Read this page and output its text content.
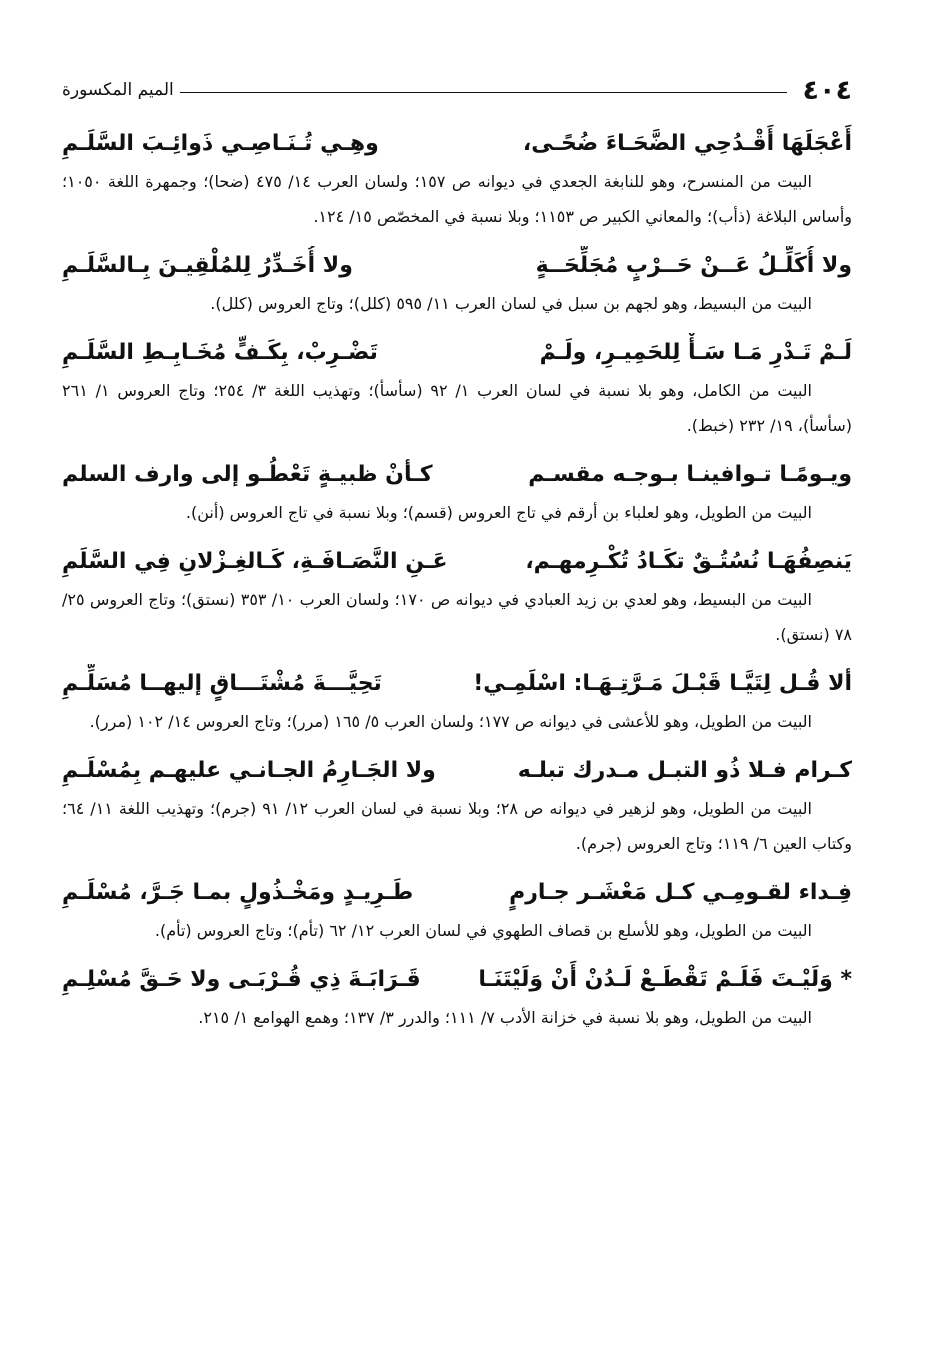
٤٠٤
الميم المكسورة
أَعْجَلَهَا أَقْـدُحِي الضَّحَـاءَ ضُحًـى،
وهِـي تُـنَـاصِـي ذَوائِـبَ السَّلَـمِ

البيت من المنسرح، وهو للنابغة الجعدي في ديوانه ص ١٥٧؛ ولسان العرب ١٤/ ٤٧٥ (ضحا)؛ وجمهرة اللغة ١٠٥٠؛ وأساس البلاغة (ذأب)؛ والمعاني الكبير ص ١١٥٣؛ وبلا نسبة في المخصّص ١٥/ ١٢٤.

ولا أُكَلِّـلُ عَــنْ حَــرْبٍ مُجَلِّحَــةٍ
ولا أُخَـدِّرُ لِلمُلْقِيـنَ بِـالسَّلَـمِ

البيت من البسيط، وهو لجهم بن سبل في لسان العرب ١١/ ٥٩٥ (كلل)؛ وتاج العروس (كلل).

لَـمْ تَـدْرِ مَـا سَـأْ لِلحَمِيـرِ، ولَـمْ
تَضْـرِبْ، بِكَـفٍّ مُخَـابِـطِ السَّلَـمِ

البيت من الكامل، وهو بلا نسبة في لسان العرب ١/ ٩٢ (سأسأ)؛ وتهذيب اللغة ٣/ ٢٥٤؛ وتاج العروس ١/ ٢٦١ (سأسأ)، ١٩/ ٢٣٢ (خبط).

ويـومًـا تـوافينـا بـوجـه مقسـم
كـأنْ ظبيـةٍ تَعْطُـو إلى وارف السلم

البيت من الطويل، وهو لعلباء بن أرقم في تاج العروس (قسم)؛ وبلا نسبة في تاج العروس (أنن).

يَنصِفُهَـا نُسُتُـقٌ تكَـادُ تُكْـرِمهـم،
عَـنِ النَّصَـافَـةِ، كَـالغِـزْلانِ فِي السَّلَمِ

البيت من البسيط، وهو لعدي بن زيد العبادي في ديوانه ص ١٧٠؛ ولسان العرب ١٠/ ٣٥٣ (نستق)؛ وتاج العروس ٢٥/ ٧٨ (نستق).

ألا قُـل لِتَيَّـا قَبْـلَ مَـرَّتِـهَـا: اسْلَمِـي!
تَحِيَّـــةَ مُشْتَـــاقٍ إليهــا مُسَلِّـمِ

البيت من الطويل، وهو للأعشى في ديوانه ص ١٧٧؛ ولسان العرب ٥/ ١٦٥ (مرر)؛ وتاج العروس ١٤/ ١٠٢ (مرر).

كـرام فـلا ذُو التبـل مـدرك تبلـه
ولا الجَـارِمُ الجـانـي عليهـم بِمُسْلَـمِ

البيت من الطويل، وهو لزهير في ديوانه ص ٢٨؛ وبلا نسبة في لسان العرب ١٢/ ٩١ (جرم)؛ وتهذيب اللغة ١١/ ٦٤؛ وكتاب العين ٦/ ١١٩؛ وتاج العروس (جرم).

فِـداء لقـومِـي كـل مَعْشَـر جـارمٍ
طَـرِيـدٍ ومَخْـذُولٍ بمـا جَـرَّ، مُسْلَـمِ

البيت من الطويل، وهو للأسلع بن قصاف الطهوي في لسان العرب ١٢/ ٦٢ (تأم)؛ وتاج العروس (تأم).

* وَلَيْـتَ فَلَـمْ تَقْطَـعْ لَـدُنْ أَنْ وَلَيْتَنَـا
قَـرَابَـةَ ذِي قُـرْبَـى ولا حَـقَّ مُسْلِـمِ

البيت من الطويل، وهو بلا نسبة في خزانة الأدب ٧/ ١١١؛ والدرر ٣/ ١٣٧؛ وهمع الهوامع ١/ ٢١٥.
